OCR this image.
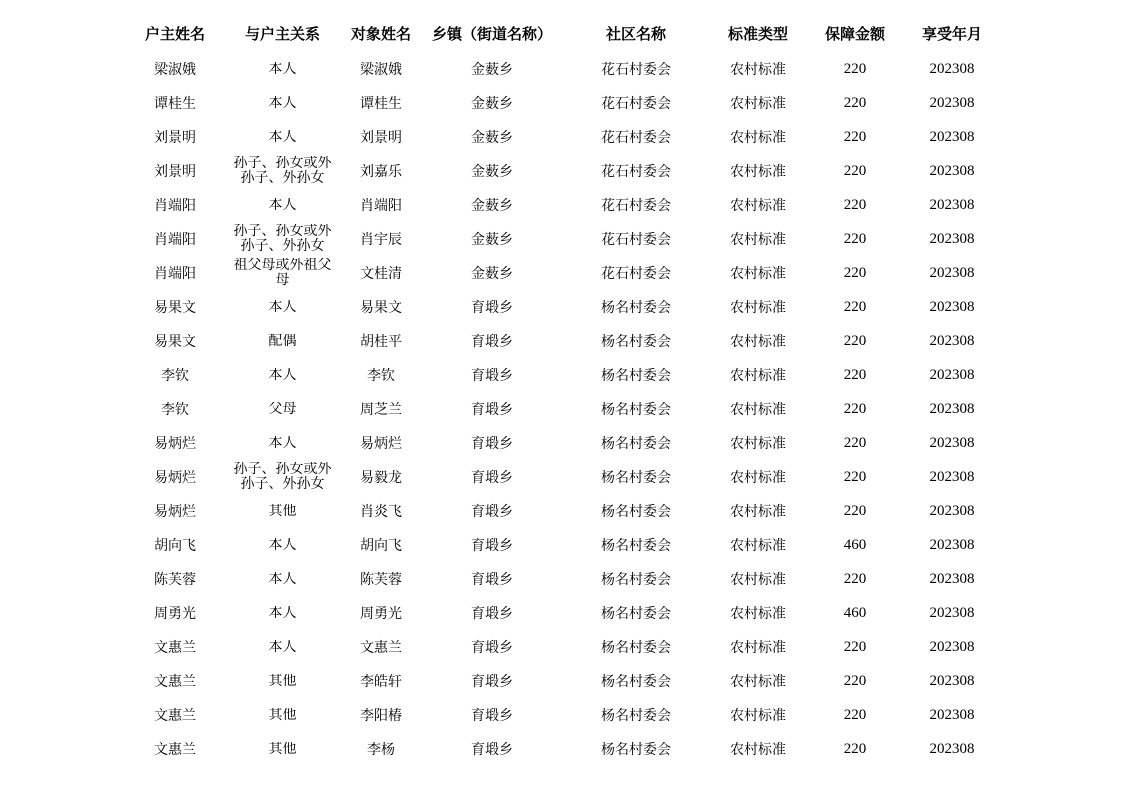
户主姓名	与户主关系	对象姓名	乡镇（街道名称）	社区名称	标准类型	保障金额	享受年月
梁淑娥	本人	梁淑娥	金薮乡	花石村委会	农村标准	220	202308
谭桂生	本人	谭桂生	金薮乡	花石村委会	农村标准	220	202308
刘景明	本人	刘景明	金薮乡	花石村委会	农村标准	220	202308
刘景明	孙子、孙女或外孙子、外孙女	刘嘉乐	金薮乡	花石村委会	农村标准	220	202308
肖端阳	本人	肖端阳	金薮乡	花石村委会	农村标准	220	202308
肖端阳	孙子、孙女或外孙子、外孙女	肖宇辰	金薮乡	花石村委会	农村标准	220	202308
肖端阳	祖父母或外祖父母	文桂清	金薮乡	花石村委会	农村标准	220	202308
易果文	本人	易果文	育塅乡	杨名村委会	农村标准	220	202308
易果文	配偶	胡桂平	育塅乡	杨名村委会	农村标准	220	202308
李钦	本人	李钦	育塅乡	杨名村委会	农村标准	220	202308
李钦	父母	周芝兰	育塅乡	杨名村委会	农村标准	220	202308
易炳烂	本人	易炳烂	育塅乡	杨名村委会	农村标准	220	202308
易炳烂	孙子、孙女或外孙子、外孙女	易毅龙	育塅乡	杨名村委会	农村标准	220	202308
易炳烂	其他	肖炎飞	育塅乡	杨名村委会	农村标准	220	202308
胡向飞	本人	胡向飞	育塅乡	杨名村委会	农村标准	460	202308
陈芙蓉	本人	陈芙蓉	育塅乡	杨名村委会	农村标准	220	202308
周勇光	本人	周勇光	育塅乡	杨名村委会	农村标准	460	202308
文惠兰	本人	文惠兰	育塅乡	杨名村委会	农村标准	220	202308
文惠兰	其他	李皓轩	育塅乡	杨名村委会	农村标准	220	202308
文惠兰	其他	李阳椿	育塅乡	杨名村委会	农村标准	220	202308
文惠兰	其他	李杨	育塅乡	杨名村委会	农村标准	220	202308
